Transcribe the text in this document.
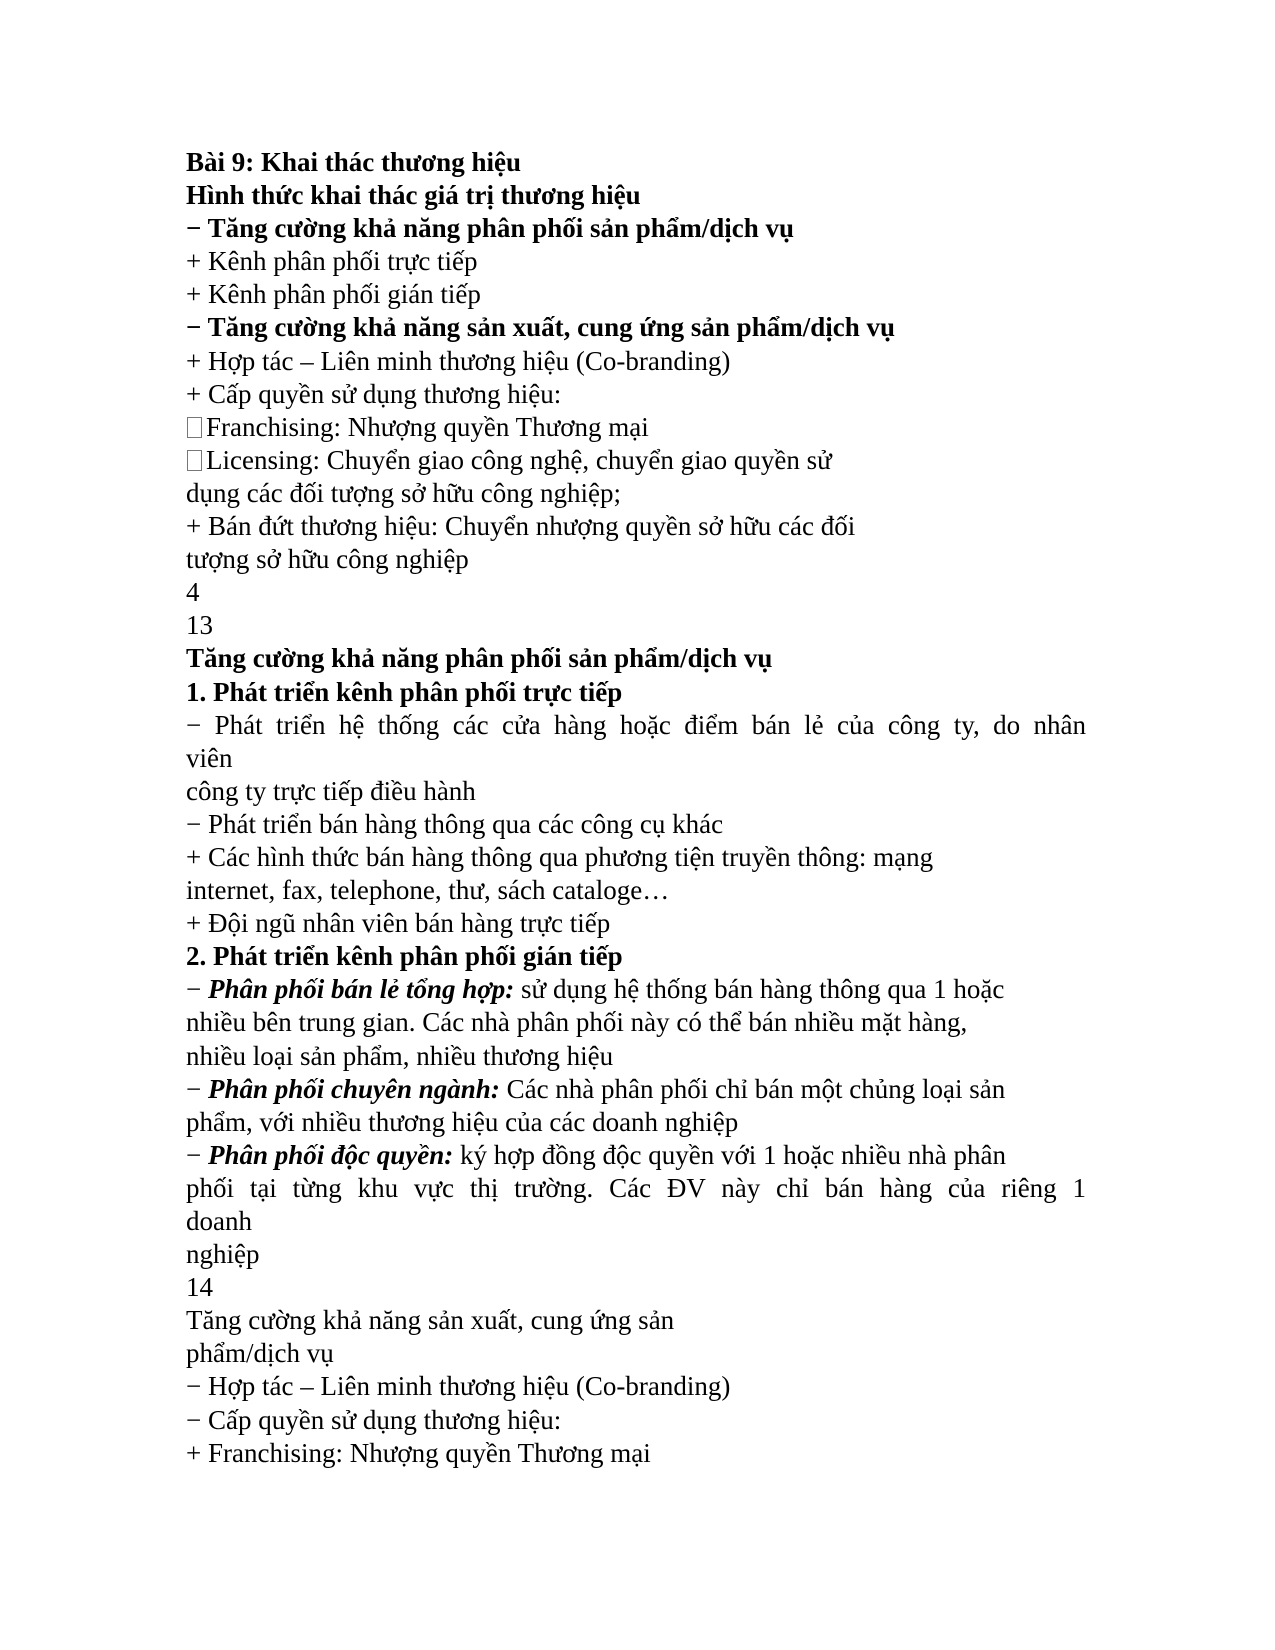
Bài 9: Khai thác thương hiệu
Hình thức khai thác giá trị thương hiệu
− Tăng cường khả năng phân phối sản phẩm/dịch vụ
+ Kênh phân phối trực tiếp
+ Kênh phân phối gián tiếp
− Tăng cường khả năng sản xuất, cung ứng sản phẩm/dịch vụ
+ Hợp tác – Liên minh thương hiệu (Co-branding)
+ Cấp quyền sử dụng thương hiệu:
Franchising: Nhượng quyền Thương mại
Licensing: Chuyển giao công nghệ, chuyển giao quyền sử
dụng các đối tượng sở hữu công nghiệp;
+ Bán đứt thương hiệu: Chuyển nhượng quyền sở hữu các đối
tượng sở hữu công nghiệp
4
13
Tăng cường khả năng phân phối sản phẩm/dịch vụ
1. Phát triển kênh phân phối trực tiếp
− Phát triển hệ thống các cửa hàng hoặc điểm bán lẻ của công ty, do nhân
viên
công ty trực tiếp điều hành
− Phát triển bán hàng thông qua các công cụ khác
+ Các hình thức bán hàng thông qua phương tiện truyền thông: mạng
internet, fax, telephone, thư, sách cataloge…
+ Đội ngũ nhân viên bán hàng trực tiếp
2. Phát triển kênh phân phối gián tiếp
− Phân phối bán lẻ tổng hợp: sử dụng hệ thống bán hàng thông qua 1 hoặc
nhiều bên trung gian. Các nhà phân phối này có thể bán nhiều mặt hàng,
nhiều loại sản phẩm, nhiều thương hiệu
− Phân phối chuyên ngành: Các nhà phân phối chỉ bán một chủng loại sản
phẩm, với nhiều thương hiệu của các doanh nghiệp
− Phân phối độc quyền: ký hợp đồng độc quyền với 1 hoặc nhiều nhà phân
phối tại từng khu vực thị trường. Các ĐV này chỉ bán hàng của riêng 1
doanh
nghiệp
14
Tăng cường khả năng sản xuất, cung ứng sản
phẩm/dịch vụ
− Hợp tác – Liên minh thương hiệu (Co-branding)
− Cấp quyền sử dụng thương hiệu:
+ Franchising: Nhượng quyền Thương mại
